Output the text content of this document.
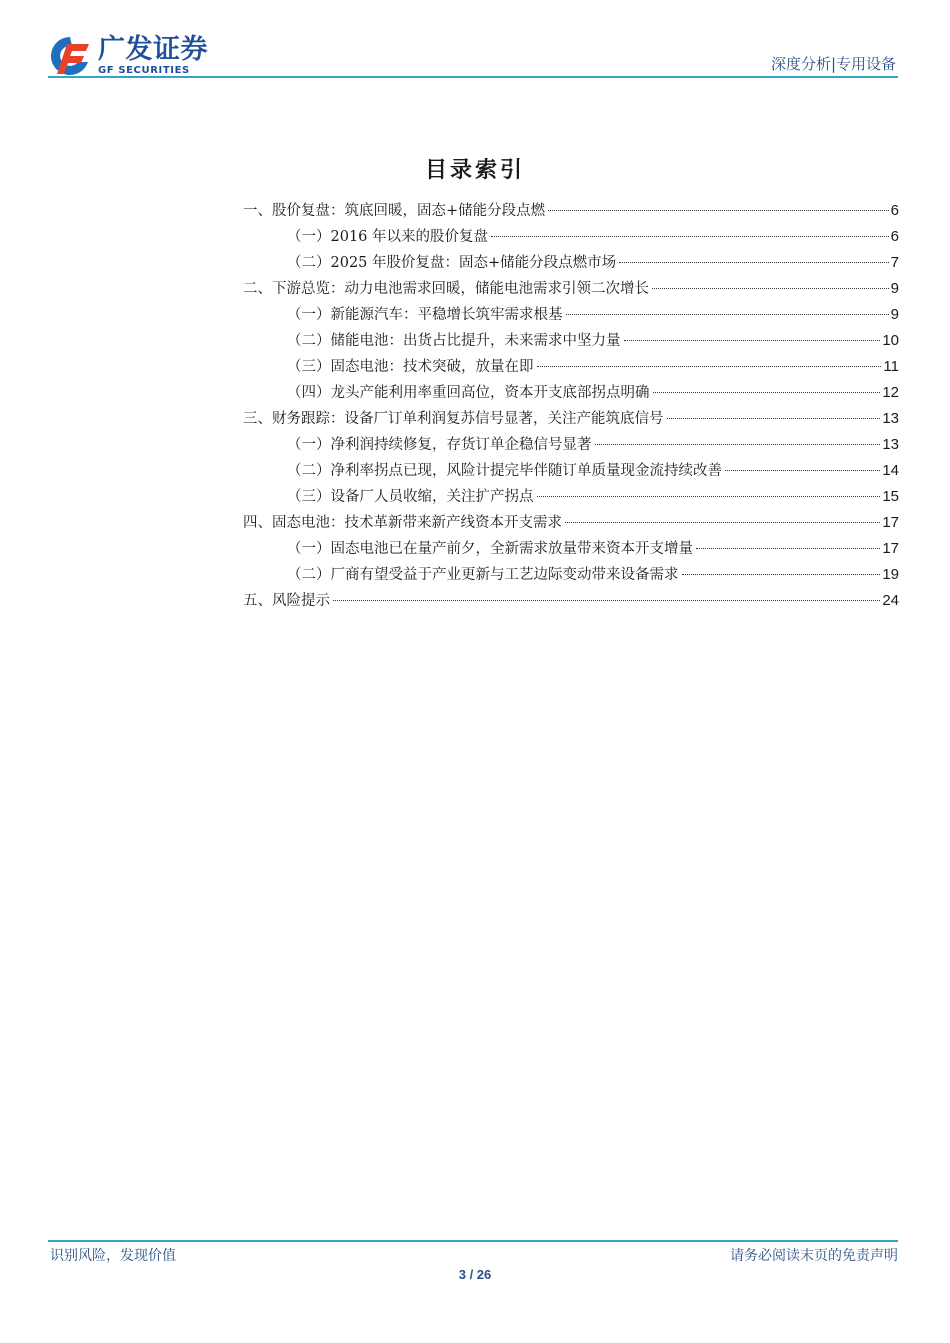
广发证券
GF SECURITIES	深度分析|专用设备
目录索引
一、股价复盘：筑底回暖，固态+储能分段点燃	6
（一）2016 年以来的股价复盘	6
（二）2025 年股价复盘：固态+储能分段点燃市场	7
二、下游总览：动力电池需求回暖，储能电池需求引领二次增长	9
（一）新能源汽车：平稳增长筑牢需求根基	9
（二）储能电池：出货占比提升，未来需求中坚力量	10
（三）固态电池：技术突破，放量在即	11
（四）龙头产能利用率重回高位，资本开支底部拐点明确	12
三、财务跟踪：设备厂订单利润复苏信号显著，关注产能筑底信号	13
（一）净利润持续修复，存货订单企稳信号显著	13
（二）净利率拐点已现，风险计提完毕伴随订单质量现金流持续改善	14
（三）设备厂人员收缩，关注扩产拐点	15
四、固态电池：技术革新带来新产线资本开支需求	17
（一）固态电池已在量产前夕，全新需求放量带来资本开支增量	17
（二）厂商有望受益于产业更新与工艺边际变动带来设备需求	19
五、风险提示	24
识别风险，发现价值	请务必阅读末页的免责声明
3 / 26
